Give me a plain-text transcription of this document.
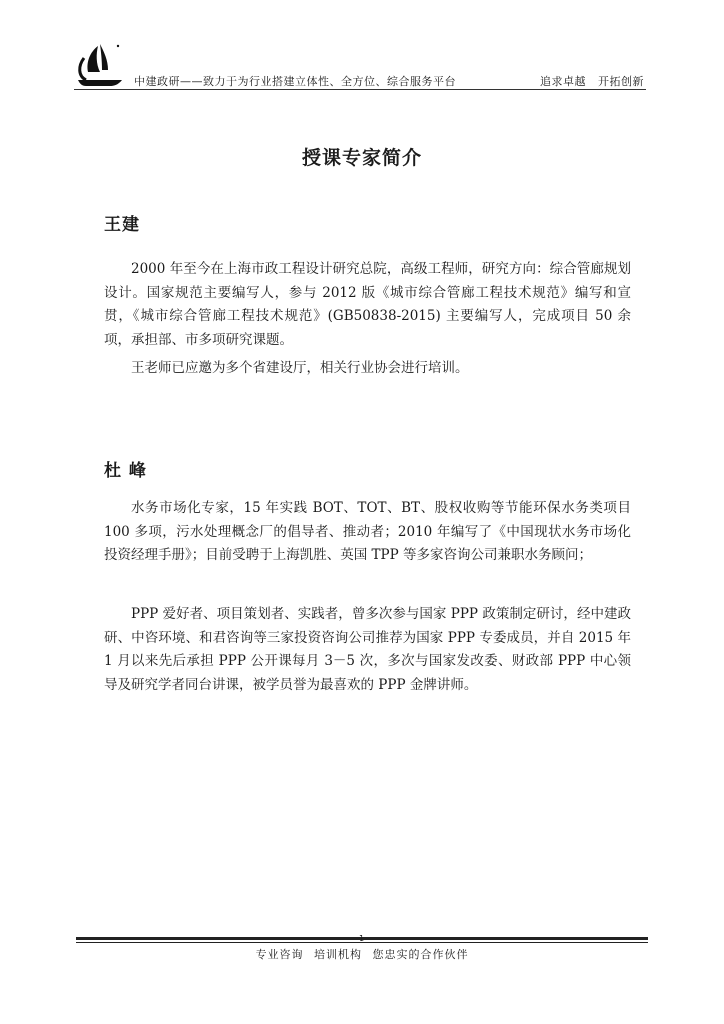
中建政研——致力于为行业搭建立体性、全方位、综合服务平台	追求卓越 开拓创新
授课专家简介
王建

2000 年至今在上海市政工程设计研究总院，高级工程师，研究方向：综合管廊规划设计。国家规范主要编写人，参与 2012 版《城市综合管廊工程技术规范》编写和宣贯，《城市综合管廊工程技术规范》(GB50838-2015) 主要编写人，完成项目 50 余项，承担部、市多项研究课题。

王老师已应邀为多个省建设厅，相关行业协会进行培训。

杜 峰

水务市场化专家，15 年实践 BOT、TOT、BT、股权收购等节能环保水务类项目 100 多项，污水处理概念厂的倡导者、推动者；2010 年编写了《中国现状水务市场化投资经理手册》；目前受聘于上海凯胜、英国 TPP 等多家咨询公司兼职水务顾问；

PPP 爱好者、项目策划者、实践者，曾多次参与国家 PPP 政策制定研讨，经中建政研、中咨环境、和君咨询等三家投资咨询公司推荐为国家 PPP 专委成员，并自 2015 年 1 月以来先后承担 PPP 公开课每月 3－5 次，多次与国家发改委、财政部 PPP 中心领导及研究学者同台讲课，被学员誉为最喜欢的 PPP 金牌讲师。

1
专业咨询 培训机构 您忠实的合作伙伴
